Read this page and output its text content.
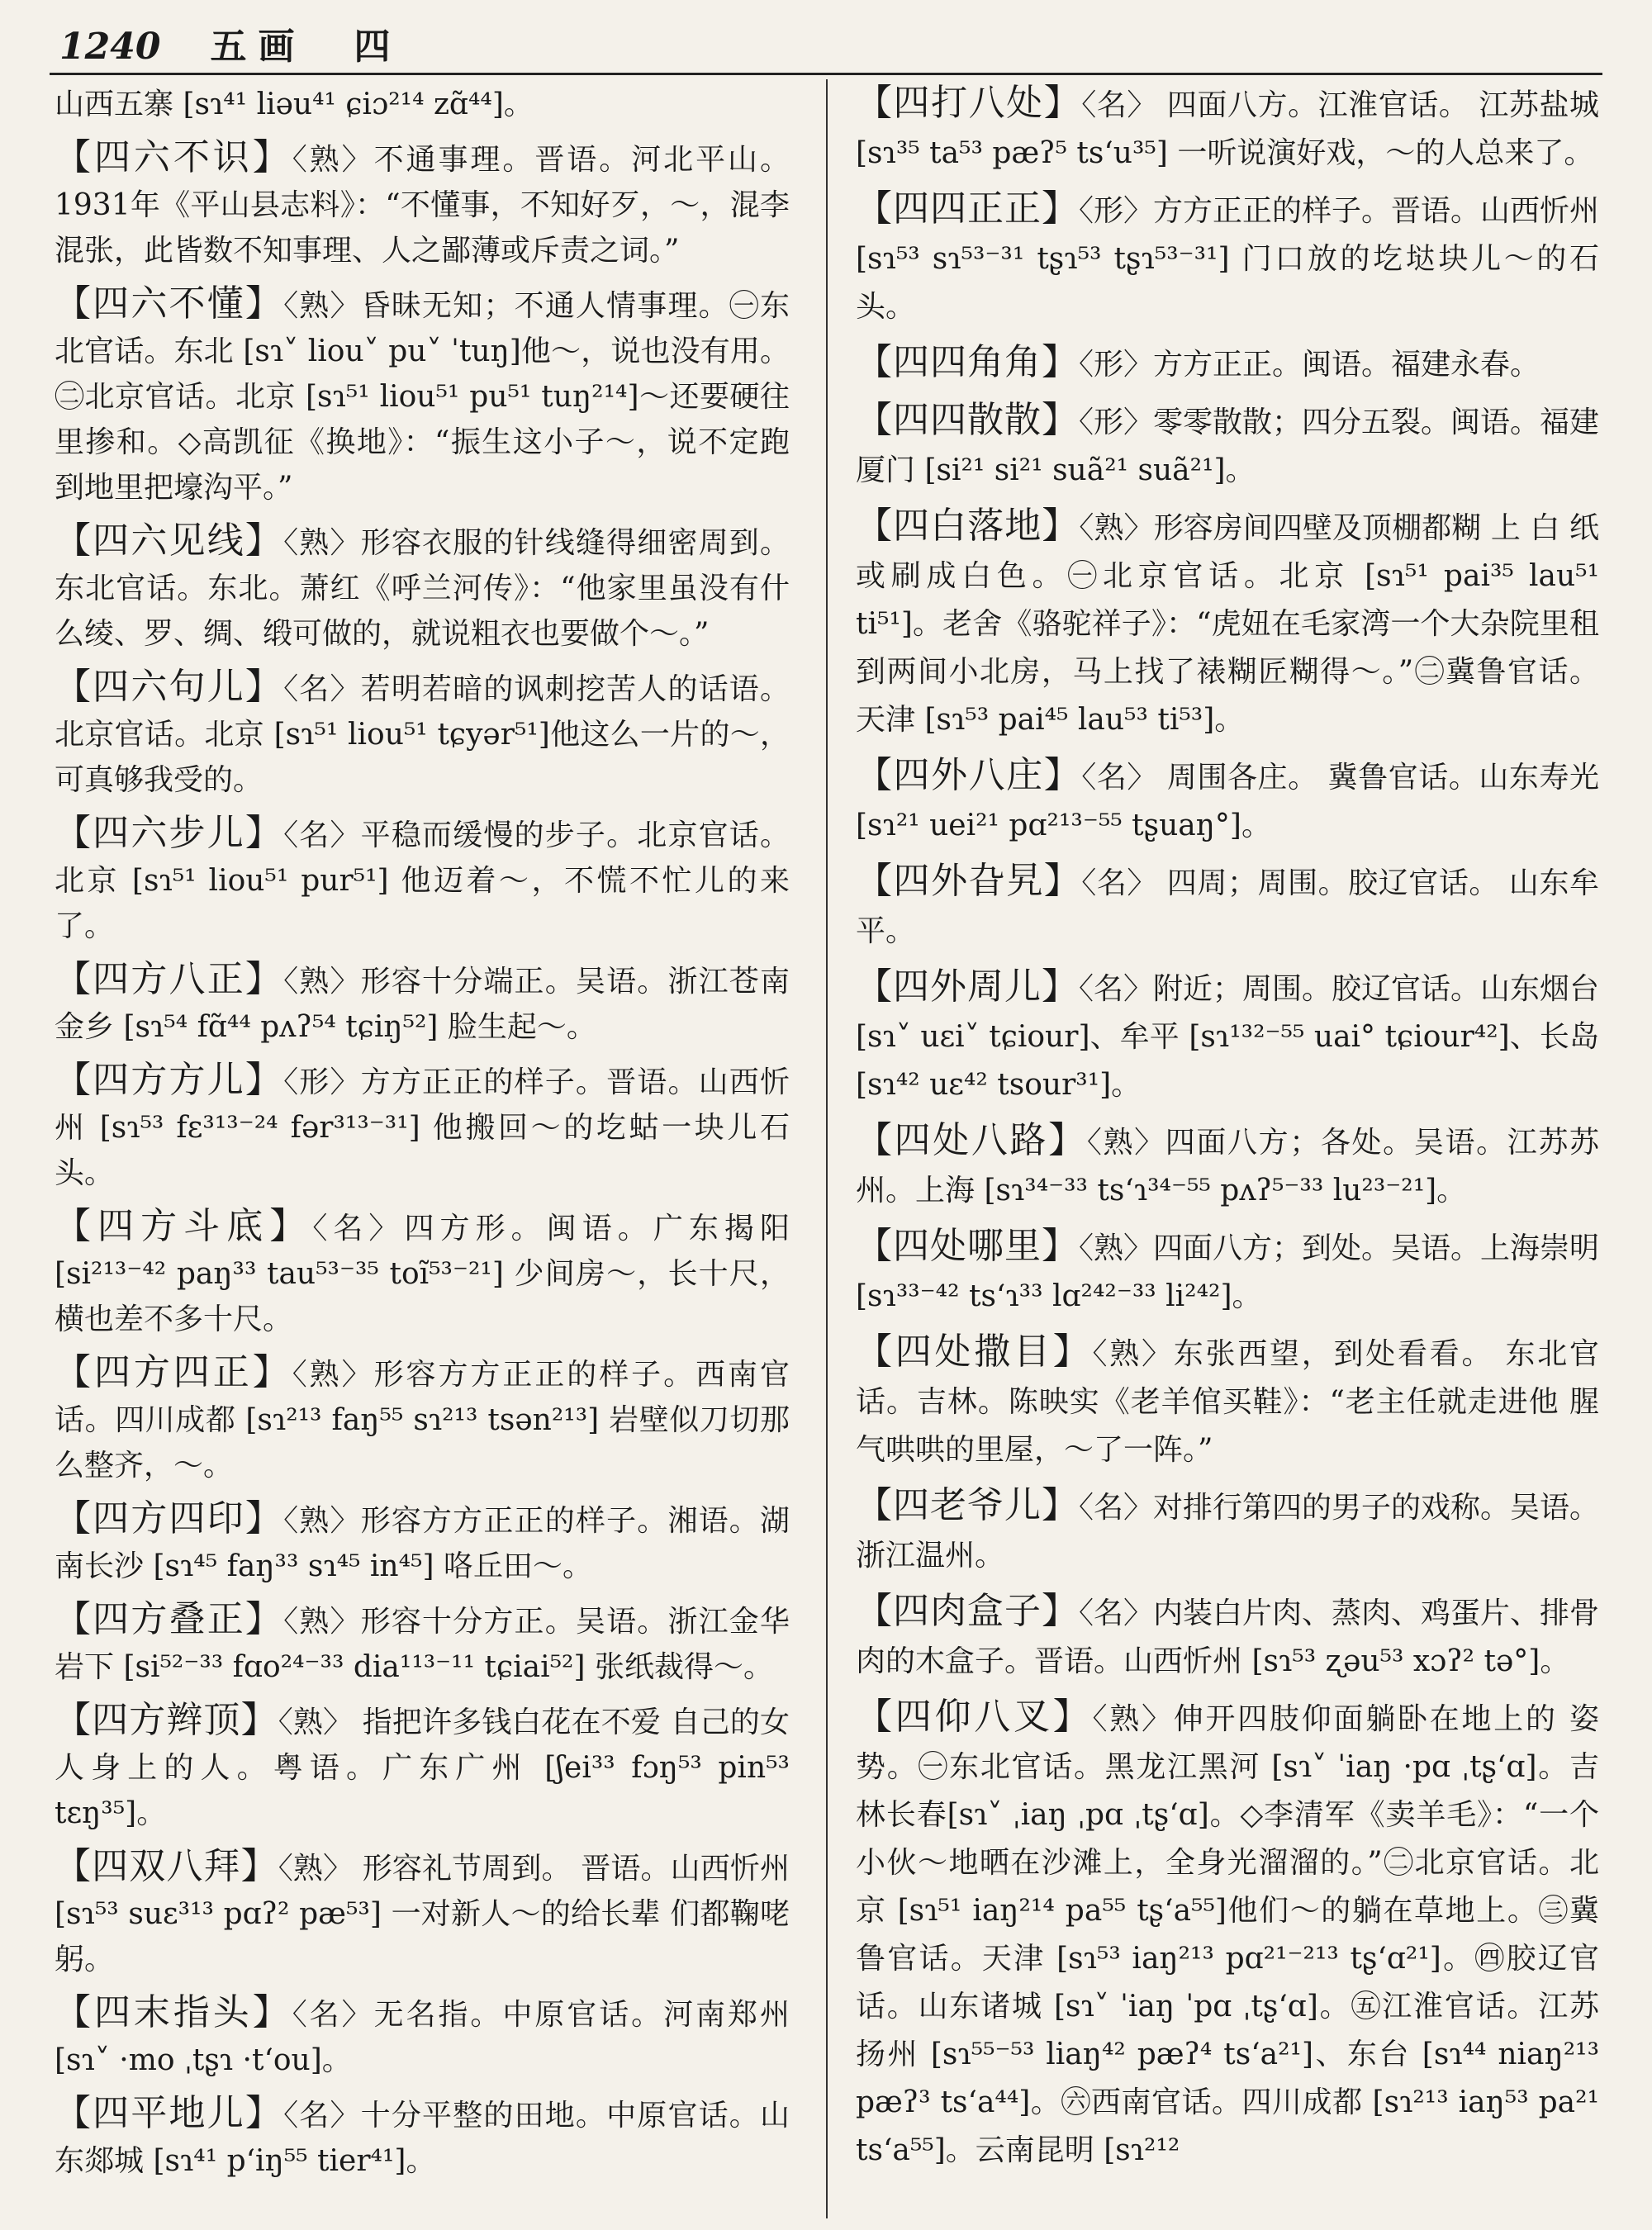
1240 五画　四
山西五寨 [sɿ⁴¹ liəu⁴¹ ɕiɔ²¹⁴ zɑ̃⁴⁴]。
【四六不识】〈熟〉不通事理。晋语。河北平山。1931年《平山县志料》：“不懂事，不知好歹，～，混李混张，此皆数不知事理、人之鄙薄或斥责之词。”
【四六不懂】〈熟〉昏昧无知；不通人情事理。㊀东北官话。东北 [sɿ˅ liou˅ pu˅ ˈtuŋ]他～，说也没有用。㊁北京官话。北京 [sɿ⁵¹ liou⁵¹ pu⁵¹ tuŋ²¹⁴]～还要硬往里掺和。◇高凯征《换地》：“振生这小子～，说不定跑到地里把壕沟平。”
【四六见线】〈熟〉形容衣服的针线缝得细密周到。东北官话。东北。萧红《呼兰河传》：“他家里虽没有什么绫、罗、绸、缎可做的，就说粗衣也要做个～。”
【四六句儿】〈名〉若明若暗的讽刺挖苦人的话语。北京官话。北京 [sɿ⁵¹ liou⁵¹ tɕyər⁵¹]他这么一片的～，可真够我受的。
【四六步儿】〈名〉平稳而缓慢的步子。北京官话。北京 [sɿ⁵¹ liou⁵¹ pur⁵¹] 他迈着～，不慌不忙儿的来了。
【四方八正】〈熟〉形容十分端正。吴语。浙江苍南金乡 [sɿ⁵⁴ fɑ̃⁴⁴ pʌʔ⁵⁴ tɕiŋ⁵²] 脸生起～。
【四方方儿】〈形〉方方正正的样子。晋语。山西忻州 [sɿ⁵³ fɛ³¹³⁻²⁴ fər³¹³⁻³¹] 他搬回～的圪蛄一块儿石头。
【四方斗底】〈名〉四方形。闽语。广东揭阳 [si²¹³⁻⁴² paŋ³³ tau⁵³⁻³⁵ toĩ⁵³⁻²¹] 少间房～，长十尺，横也差不多十尺。
【四方四正】〈熟〉形容方方正正的样子。西南官话。四川成都 [sɿ²¹³ faŋ⁵⁵ sɿ²¹³ tsən²¹³] 岩壁似刀切那么整齐，～。
【四方四印】〈熟〉形容方方正正的样子。湘语。湖南长沙 [sɿ⁴⁵ faŋ³³ sɿ⁴⁵ in⁴⁵] 咯丘田～。
【四方叠正】〈熟〉形容十分方正。吴语。浙江金华岩下 [si⁵²⁻³³ fɑo²⁴⁻³³ dia¹¹³⁻¹¹ tɕiai⁵²] 张纸裁得～。
【四方辫顶】〈熟〉 指把许多钱白花在不爱 自己的女人身上的人。粤语。广东广州 [ʃei³³ fɔŋ⁵³ pin⁵³ tɛŋ³⁵]。
【四双八拜】〈熟〉 形容礼节周到。 晋语。山西忻州 [sɿ⁵³ suɛ³¹³ pɑʔ² pæ⁵³] 一对新人～的给长辈 们都鞠咾躬。
【四末指头】〈名〉无名指。中原官话。河南郑州 [sɿ˅ ·mo ˌtʂɿ ·t‘ou]。
【四平地儿】〈名〉十分平整的田地。中原官话。山东郯城 [sɿ⁴¹ p‘iŋ⁵⁵ tier⁴¹]。
【四打八处】〈名〉 四面八方。江淮官话。 江苏盐城 [sɿ³⁵ ta⁵³ pæʔ⁵ ts‘u³⁵] 一听说演好戏，～的人总来了。
【四四正正】〈形〉方方正正的样子。晋语。山西忻州 [sɿ⁵³ sɿ⁵³⁻³¹ tʂɿ⁵³ tʂɿ⁵³⁻³¹] 门口放的圪垯块儿～的石头。
【四四角角】〈形〉方方正正。闽语。福建永春。
【四四散散】〈形〉零零散散；四分五裂。闽语。福建厦门 [si²¹ si²¹ suã²¹ suã²¹]。
【四白落地】〈熟〉形容房间四壁及顶棚都糊 上 白 纸或刷成白色。㊀北京官话。北京 [sɿ⁵¹ pai³⁵ lau⁵¹ ti⁵¹]。老舍《骆驼祥子》：“虎妞在毛家湾一个大杂院里租到两间小北房，马上找了裱糊匠糊得～。”㊁冀鲁官话。天津 [sɿ⁵³ pai⁴⁵ lau⁵³ ti⁵³]。
【四外八庄】〈名〉 周围各庄。 冀鲁官话。山东寿光 [sɿ²¹ uei²¹ pɑ²¹³⁻⁵⁵ tʂuaŋ°]。
【四外旮旯】〈名〉 四周；周围。胶辽官话。 山东牟平。
【四外周儿】〈名〉附近；周围。胶辽官话。山东烟台 [sɿ˅ uɛi˅ tɕiour]、牟平 [sɿ¹³²⁻⁵⁵ uai° tɕiour⁴²]、长岛 [sɿ⁴² uɛ⁴² tsour³¹]。
【四处八路】〈熟〉四面八方；各处。吴语。江苏苏州。上海 [sɿ³⁴⁻³³ ts‘ɿ³⁴⁻⁵⁵ pʌʔ⁵⁻³³ lu²³⁻²¹]。
【四处哪里】〈熟〉四面八方；到处。吴语。上海崇明 [sɿ³³⁻⁴² ts‘ɿ³³ lɑ²⁴²⁻³³ li²⁴²]。
【四处撒目】〈熟〉东张西望，到处看看。 东北官话。吉林。陈映实《老羊倌买鞋》：“老主任就走进他 腥 气哄哄的里屋，～了一阵。”
【四老爷儿】〈名〉对排行第四的男子的戏称。吴语。浙江温州。
【四肉盒子】〈名〉内装白片肉、蒸肉、鸡蛋片、排骨肉的木盒子。晋语。山西忻州 [sɿ⁵³ ʐəu⁵³ xɔʔ² tə°]。
【四仰八叉】〈熟〉伸开四肢仰面躺卧在地上的 姿势。㊀东北官话。黑龙江黑河 [sɿ˅ ˈiaŋ ·pɑ ˌtʂ‘ɑ]。吉林长春[sɿ˅ ˌiaŋ ˌpɑ ˌtʂ‘ɑ]。◇李清军《卖羊毛》：“一个小伙～地晒在沙滩上，全身光溜溜的。”㊁北京官话。北京 [sɿ⁵¹ iaŋ²¹⁴ pa⁵⁵ tʂ‘a⁵⁵]他们～的躺在草地上。㊂冀鲁官话。天津 [sɿ⁵³ iaŋ²¹³ pɑ²¹⁻²¹³ tʂ‘ɑ²¹]。㊃胶辽官话。山东诸城 [sɿ˅ ˈiaŋ ˈpɑ ˌtʂ‘ɑ]。㊄江淮官话。江苏扬州 [sɿ⁵⁵⁻⁵³ liaŋ⁴² pæʔ⁴ ts‘a²¹]、东台 [sɿ⁴⁴ niaŋ²¹³ pæʔ³ ts‘a⁴⁴]。㊅西南官话。四川成都 [sɿ²¹³ iaŋ⁵³ pa²¹ ts‘a⁵⁵]。云南昆明 [sɿ²¹²
